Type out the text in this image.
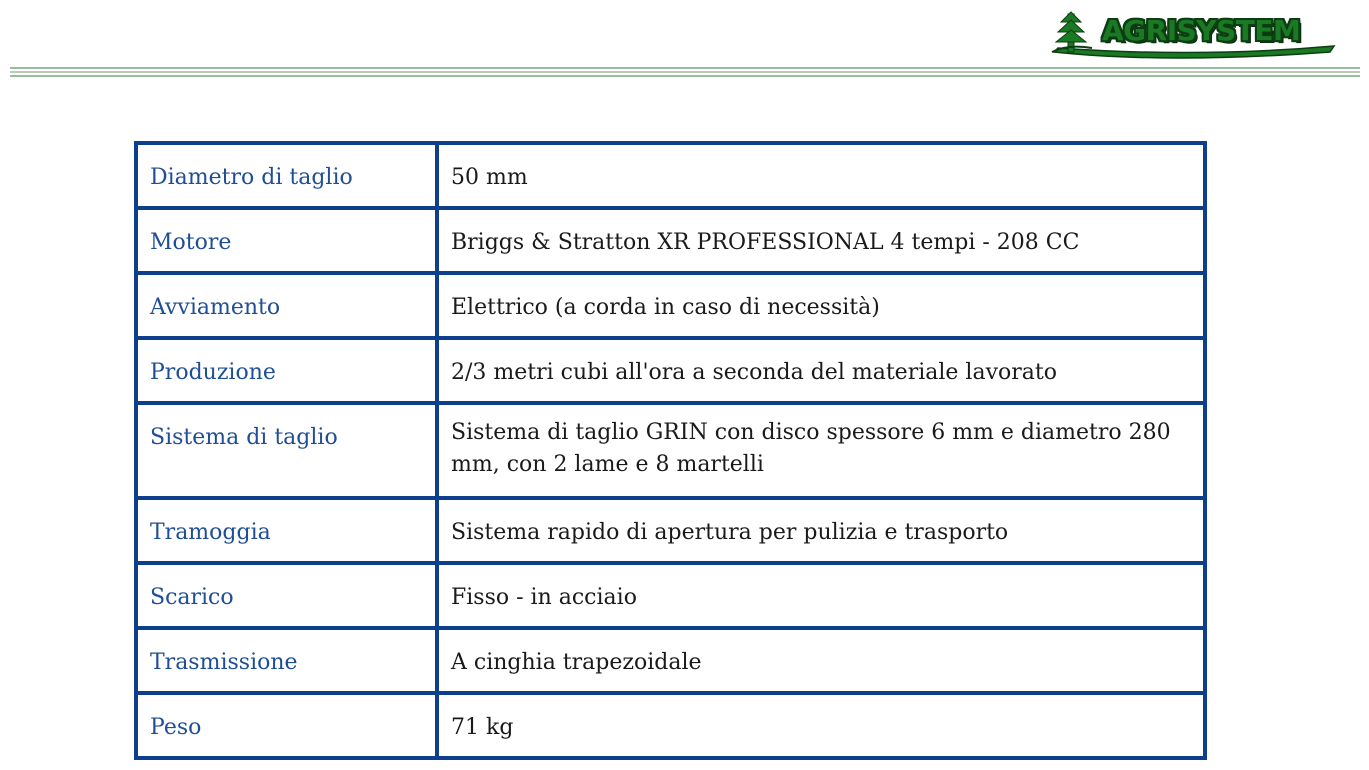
AGRISYSTEM
Diametro di taglio	50 mm
Motore	Briggs & Stratton XR PROFESSIONAL 4 tempi - 208 CC
Avviamento	Elettrico (a corda in caso di necessità)
Produzione	2/3 metri cubi all'ora a seconda del materiale lavorato
Sistema di taglio	Sistema di taglio GRIN con disco spessore 6 mm e diametro 280 mm, con 2 lame e 8 martelli
Tramoggia	Sistema rapido di apertura per pulizia e trasporto
Scarico	Fisso - in acciaio
Trasmissione	A cinghia trapezoidale
Peso	71 kg
